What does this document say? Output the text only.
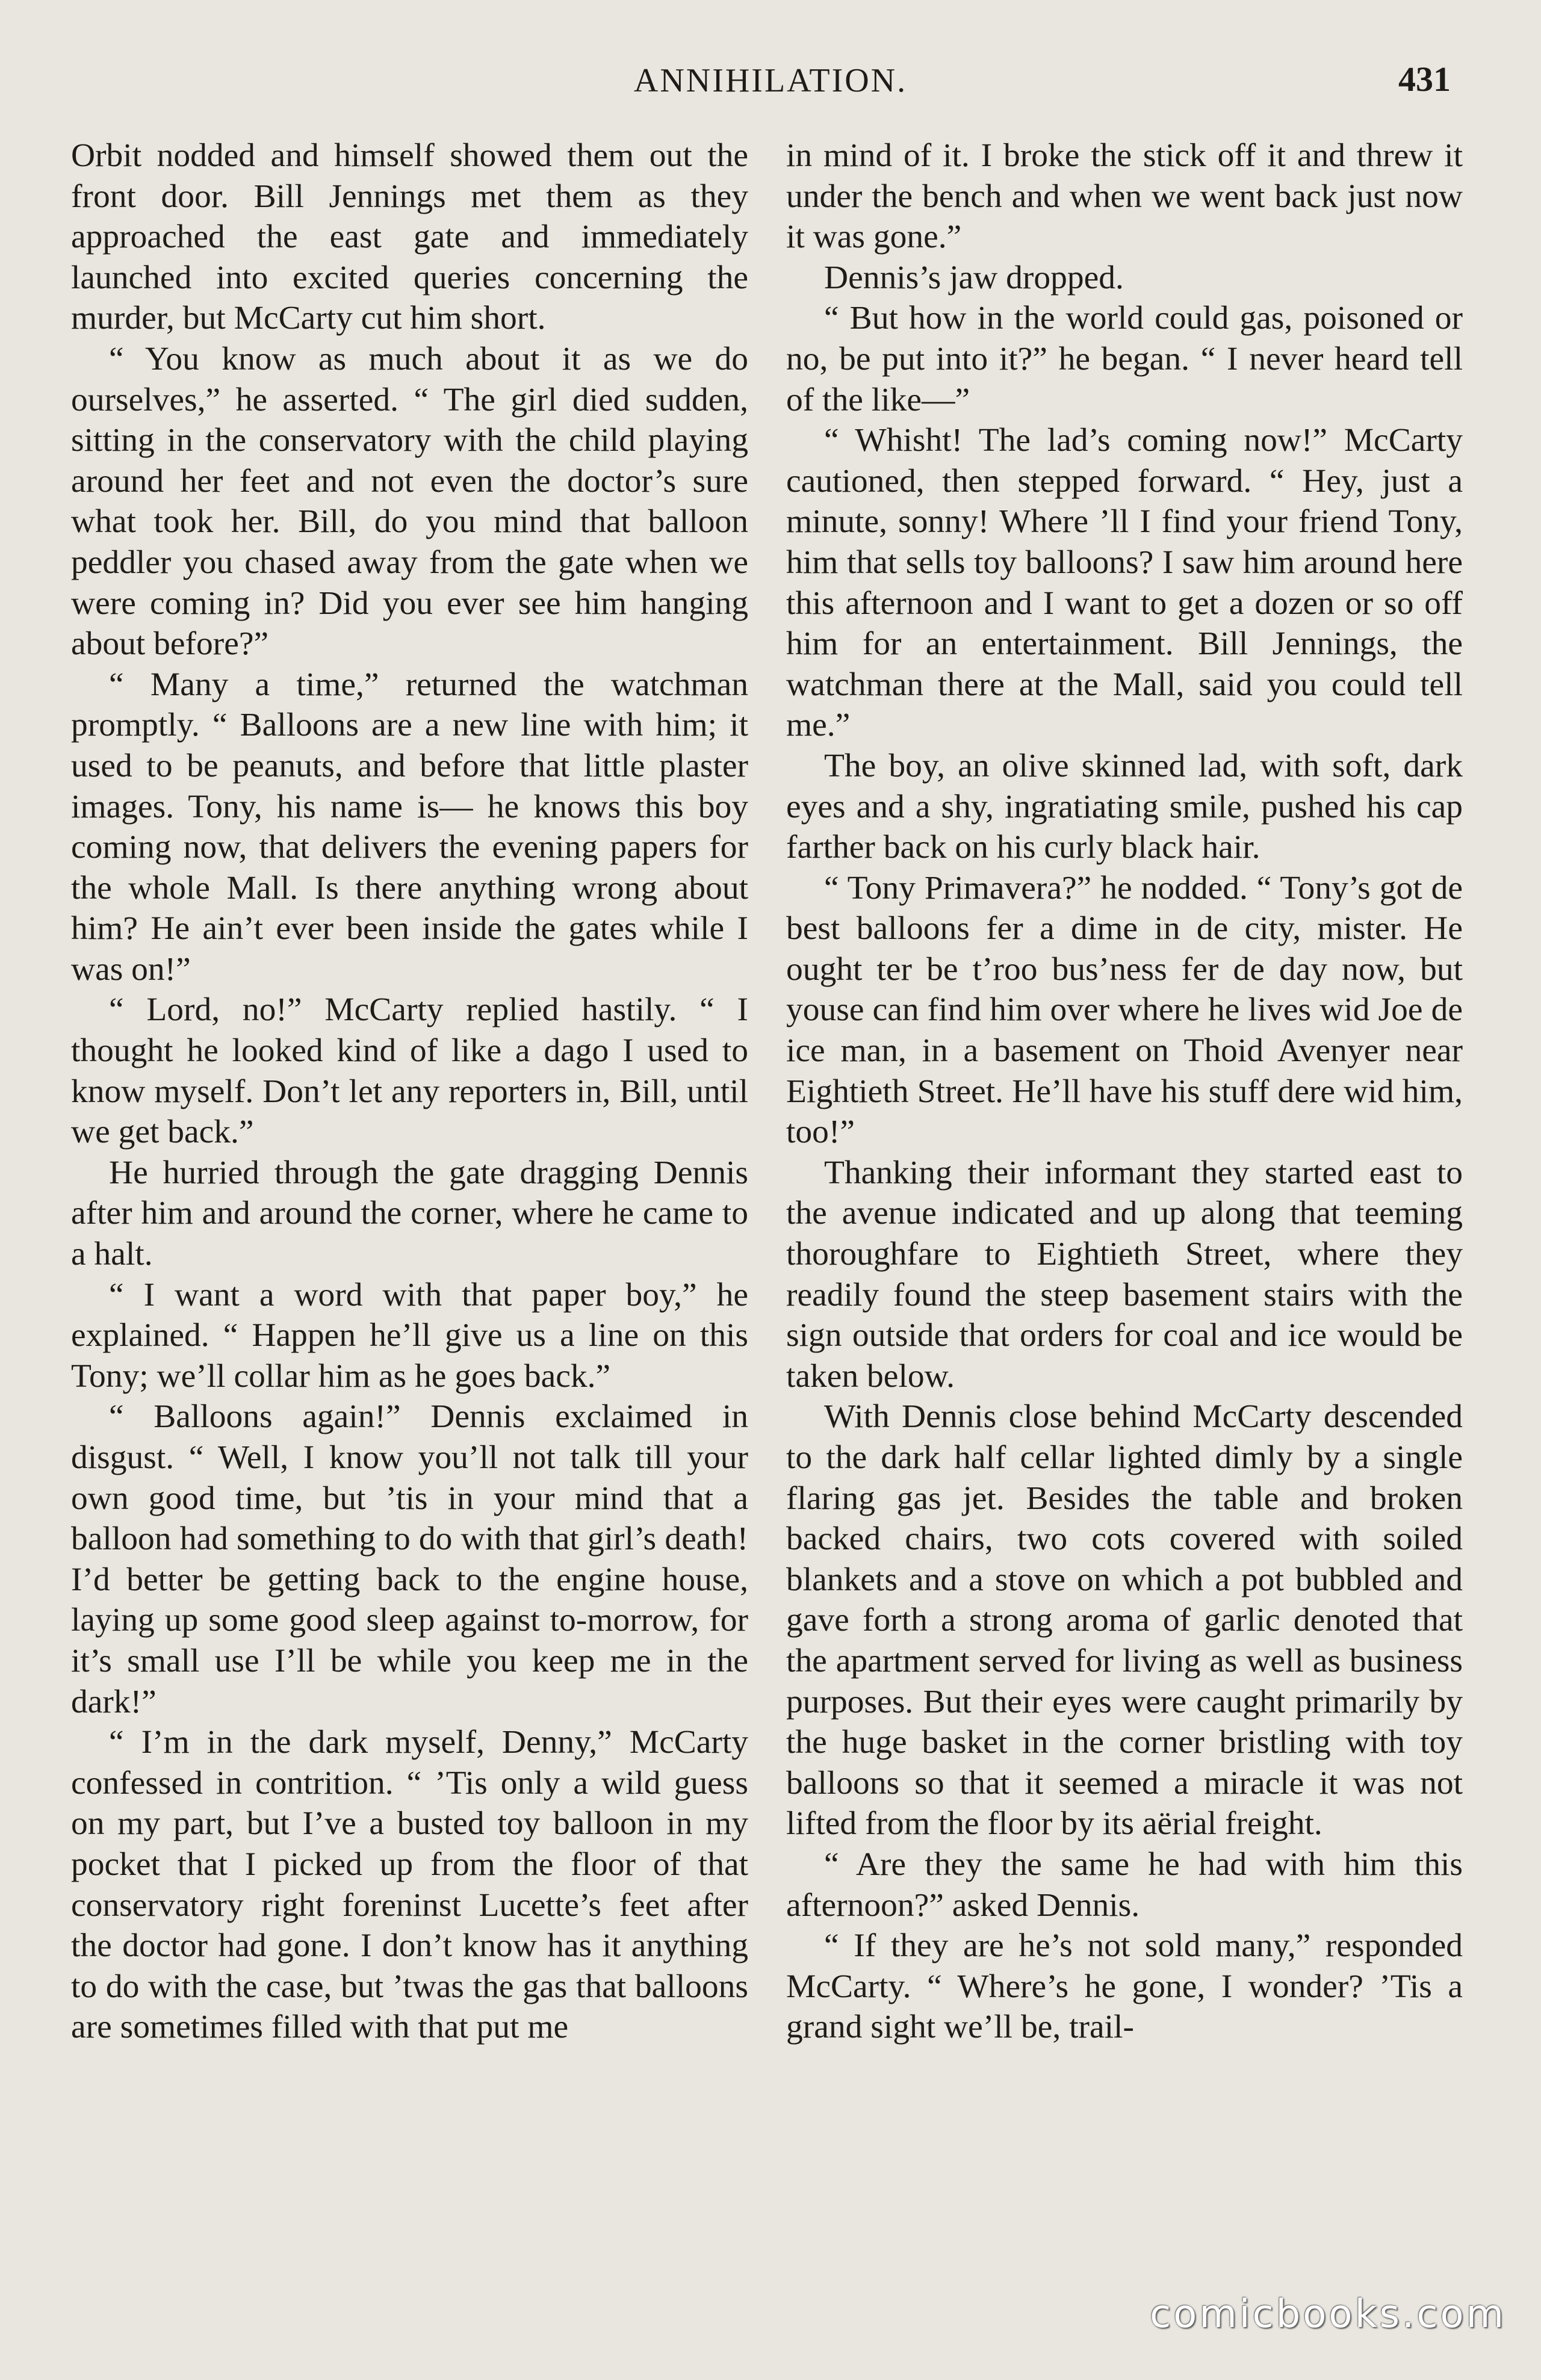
ANNIHILATION.	431

Orbit nodded and himself showed them out the front door. Bill Jennings met them as they approached the east gate and immediately launched into excited queries concerning the murder, but McCarty cut him short.

“ You know as much about it as we do ourselves,” he asserted. “ The girl died sudden, sitting in the conservatory with the child playing around her feet and not even the doctor’s sure what took her. Bill, do you mind that balloon peddler you chased away from the gate when we were coming in? Did you ever see him hanging about before?”

“ Many a time,” returned the watchman promptly. “ Balloons are a new line with him; it used to be peanuts, and before that little plaster images. Tony, his name is— he knows this boy coming now, that delivers the evening papers for the whole Mall. Is there anything wrong about him? He ain’t ever been inside the gates while I was on!”

“ Lord, no!” McCarty replied hastily. “ I thought he looked kind of like a dago I used to know myself. Don’t let any reporters in, Bill, until we get back.”

He hurried through the gate dragging Dennis after him and around the corner, where he came to a halt.

“ I want a word with that paper boy,” he explained. “ Happen he’ll give us a line on this Tony; we’ll collar him as he goes back.”

“ Balloons again!” Dennis exclaimed in disgust. “ Well, I know you’ll not talk till your own good time, but ’tis in your mind that a balloon had something to do with that girl’s death! I’d better be getting back to the engine house, laying up some good sleep against to-morrow, for it’s small use I’ll be while you keep me in the dark!”

“ I’m in the dark myself, Denny,” McCarty confessed in contrition. “ ’Tis only a wild guess on my part, but I’ve a busted toy balloon in my pocket that I picked up from the floor of that conservatory right foreninst Lucette’s feet after the doctor had gone. I don’t know has it anything to do with the case, but ’twas the gas that balloons are sometimes filled with that put me

in mind of it. I broke the stick off it and threw it under the bench and when we went back just now it was gone.”

Dennis’s jaw dropped.

“ But how in the world could gas, poisoned or no, be put into it?” he began. “ I never heard tell of the like—”

“ Whisht! The lad’s coming now!” McCarty cautioned, then stepped forward. “ Hey, just a minute, sonny! Where ’ll I find your friend Tony, him that sells toy balloons? I saw him around here this afternoon and I want to get a dozen or so off him for an entertainment. Bill Jennings, the watchman there at the Mall, said you could tell me.”

The boy, an olive skinned lad, with soft, dark eyes and a shy, ingratiating smile, pushed his cap farther back on his curly black hair.

“ Tony Primavera?” he nodded. “ Tony’s got de best balloons fer a dime in de city, mister. He ought ter be t’roo bus’ness fer de day now, but youse can find him over where he lives wid Joe de ice man, in a basement on Thoid Avenyer near Eightieth Street. He’ll have his stuff dere wid him, too!”

Thanking their informant they started east to the avenue indicated and up along that teeming thoroughfare to Eightieth Street, where they readily found the steep basement stairs with the sign outside that orders for coal and ice would be taken below.

With Dennis close behind McCarty descended to the dark half cellar lighted dimly by a single flaring gas jet. Besides the table and broken backed chairs, two cots covered with soiled blankets and a stove on which a pot bubbled and gave forth a strong aroma of garlic denoted that the apartment served for living as well as business purposes. But their eyes were caught primarily by the huge basket in the corner bristling with toy balloons so that it seemed a miracle it was not lifted from the floor by its aërial freight.

“ Are they the same he had with him this afternoon?” asked Dennis.

“ If they are he’s not sold many,” responded McCarty. “ Where’s he gone, I wonder? ’Tis a grand sight we’ll be, trail-

comicbooks.com
